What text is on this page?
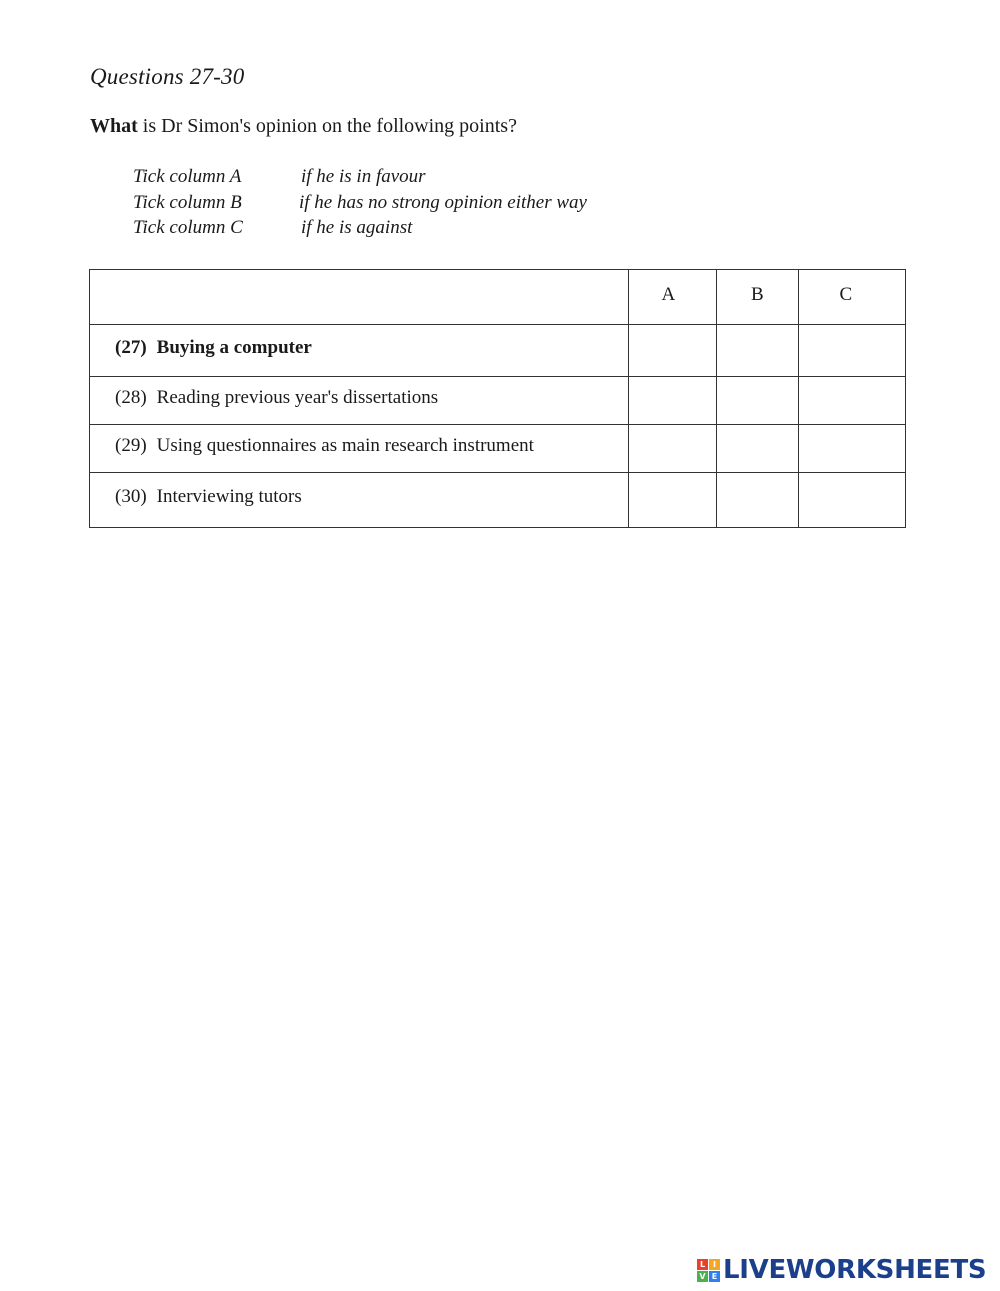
Questions 27-30
What is Dr Simon's opinion on the following points?
Tick column A	if he is in favour
Tick column B	if he has no strong opinion either way
Tick column C	if he is against
	A	B	C
(27) Buying a computer			
(28) Reading previous year's dissertations			
(29) Using questionnaires as main research instrument			
(30) Interviewing tutors			
L I
V E LIVEWORKSHEETS
